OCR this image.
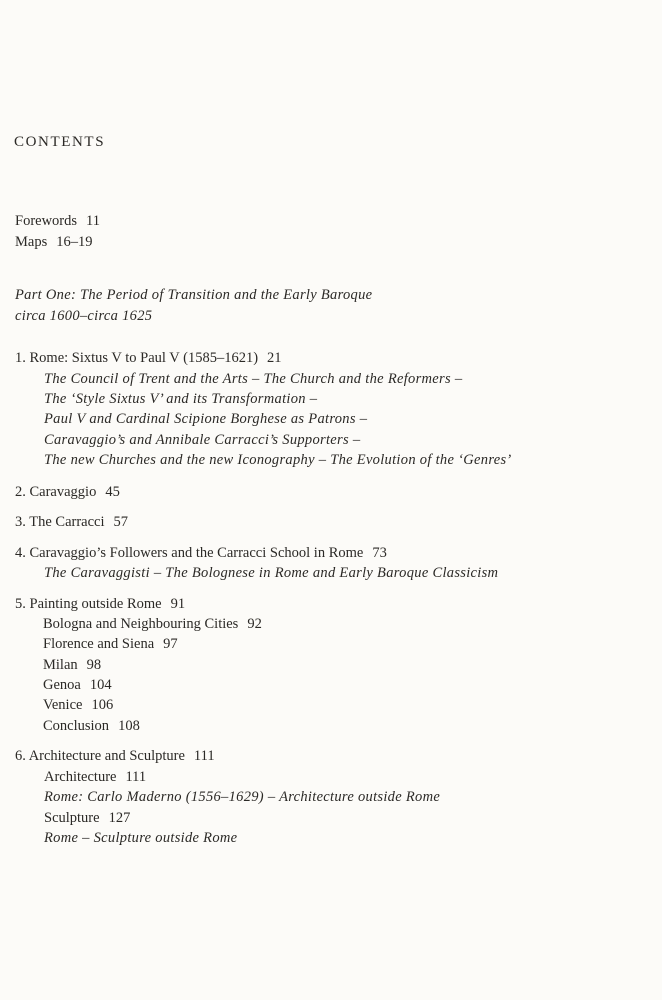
CONTENTS
Forewords 11
Maps 16–19
Part One: The Period of Transition and the Early Baroque
circa 1600–circa 1625
1. Rome: Sixtus V to Paul V (1585–1621) 21
The Council of Trent and the Arts – The Church and the Reformers –
The ‘Style Sixtus V’ and its Transformation –
Paul V and Cardinal Scipione Borghese as Patrons –
Caravaggio’s and Annibale Carracci’s Supporters –
The new Churches and the new Iconography – The Evolution of the ‘Genres’
2. Caravaggio 45
3. The Carracci 57
4. Caravaggio’s Followers and the Carracci School in Rome 73
The Caravaggisti – The Bolognese in Rome and Early Baroque Classicism
5. Painting outside Rome 91
Bologna and Neighbouring Cities 92
Florence and Siena 97
Milan 98
Genoa 104
Venice 106
Conclusion 108
6. Architecture and Sculpture 111
Architecture 111
Rome: Carlo Maderno (1556–1629) – Architecture outside Rome
Sculpture 127
Rome – Sculpture outside Rome
